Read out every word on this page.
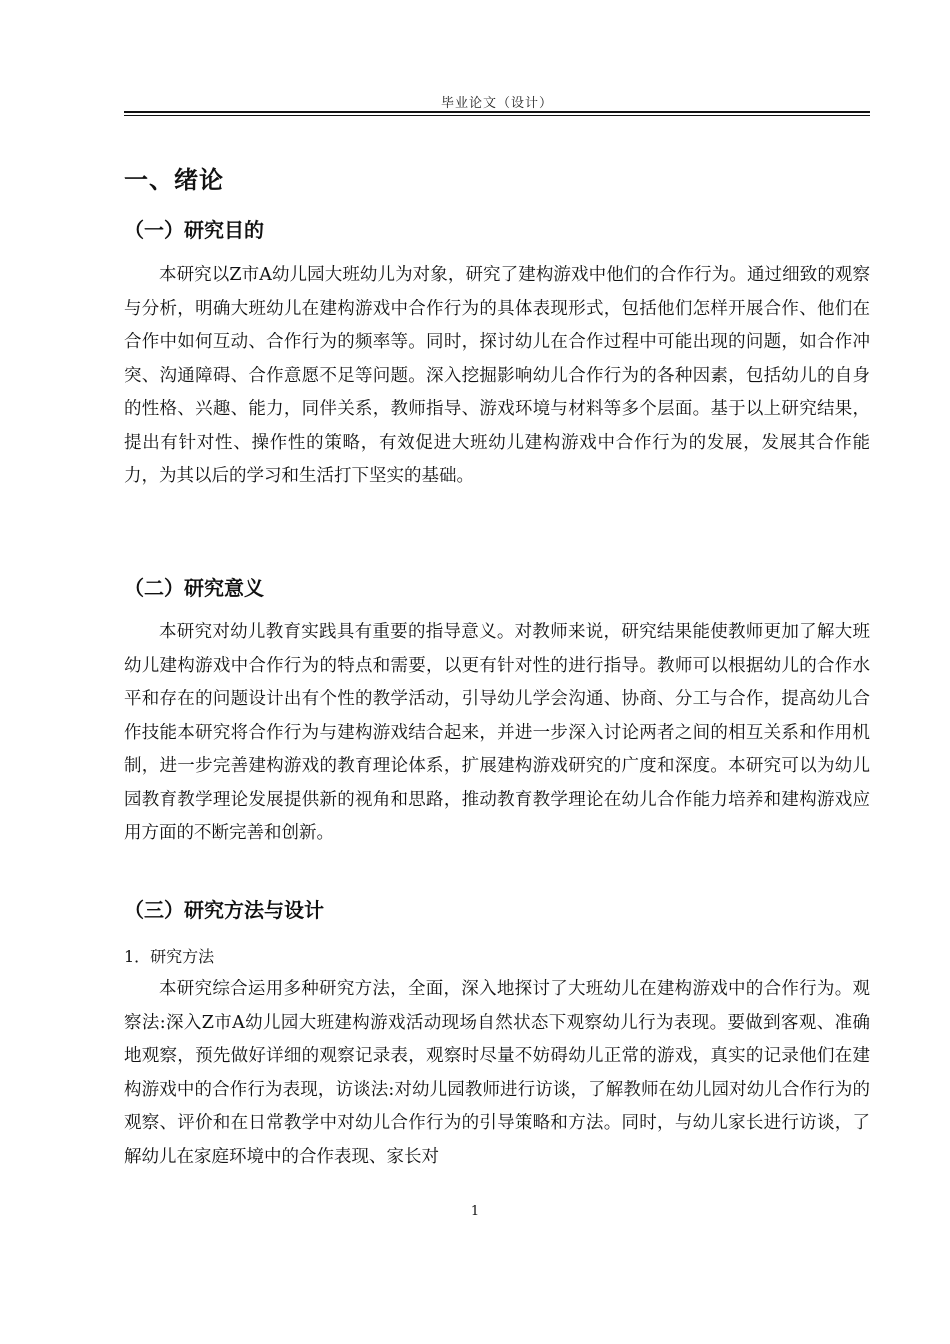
毕业论文（设计）
一、绪论
（一）研究目的

本研究以Z市A幼儿园大班幼儿为对象，研究了建构游戏中他们的合作行为。通过细致的观察与分析，明确大班幼儿在建构游戏中合作行为的具体表现形式，包括他们怎样开展合作、他们在合作中如何互动、合作行为的频率等。同时，探讨幼儿在合作过程中可能出现的问题，如合作冲突、沟通障碍、合作意愿不足等问题。深入挖掘影响幼儿合作行为的各种因素，包括幼儿的自身的性格、兴趣、能力，同伴关系，教师指导、游戏环境与材料等多个层面。基于以上研究结果，提出有针对性、操作性的策略，有效促进大班幼儿建构游戏中合作行为的发展，发展其合作能力，为其以后的学习和生活打下坚实的基础。

（二）研究意义

本研究对幼儿教育实践具有重要的指导意义。对教师来说，研究结果能使教师更加了解大班幼儿建构游戏中合作行为的特点和需要，以更有针对性的进行指导。教师可以根据幼儿的合作水平和存在的问题设计出有个性的教学活动，引导幼儿学会沟通、协商、分工与合作，提高幼儿合作技能本研究将合作行为与建构游戏结合起来，并进一步深入讨论两者之间的相互关系和作用机制，进一步完善建构游戏的教育理论体系，扩展建构游戏研究的广度和深度。本研究可以为幼儿园教育教学理论发展提供新的视角和思路，推动教育教学理论在幼儿合作能力培养和建构游戏应用方面的不断完善和创新。

（三）研究方法与设计
1．研究方法

本研究综合运用多种研究方法，全面，深入地探讨了大班幼儿在建构游戏中的合作行为。观察法:深入Z市A幼儿园大班建构游戏活动现场自然状态下观察幼儿行为表现。要做到客观、准确地观察，预先做好详细的观察记录表，观察时尽量不妨碍幼儿正常的游戏，真实的记录他们在建构游戏中的合作行为表现，访谈法:对幼儿园教师进行访谈，了解教师在幼儿园对幼儿合作行为的观察、评价和在日常教学中对幼儿合作行为的引导策略和方法。同时，与幼儿家长进行访谈，了解幼儿在家庭环境中的合作表现、家长对

1
